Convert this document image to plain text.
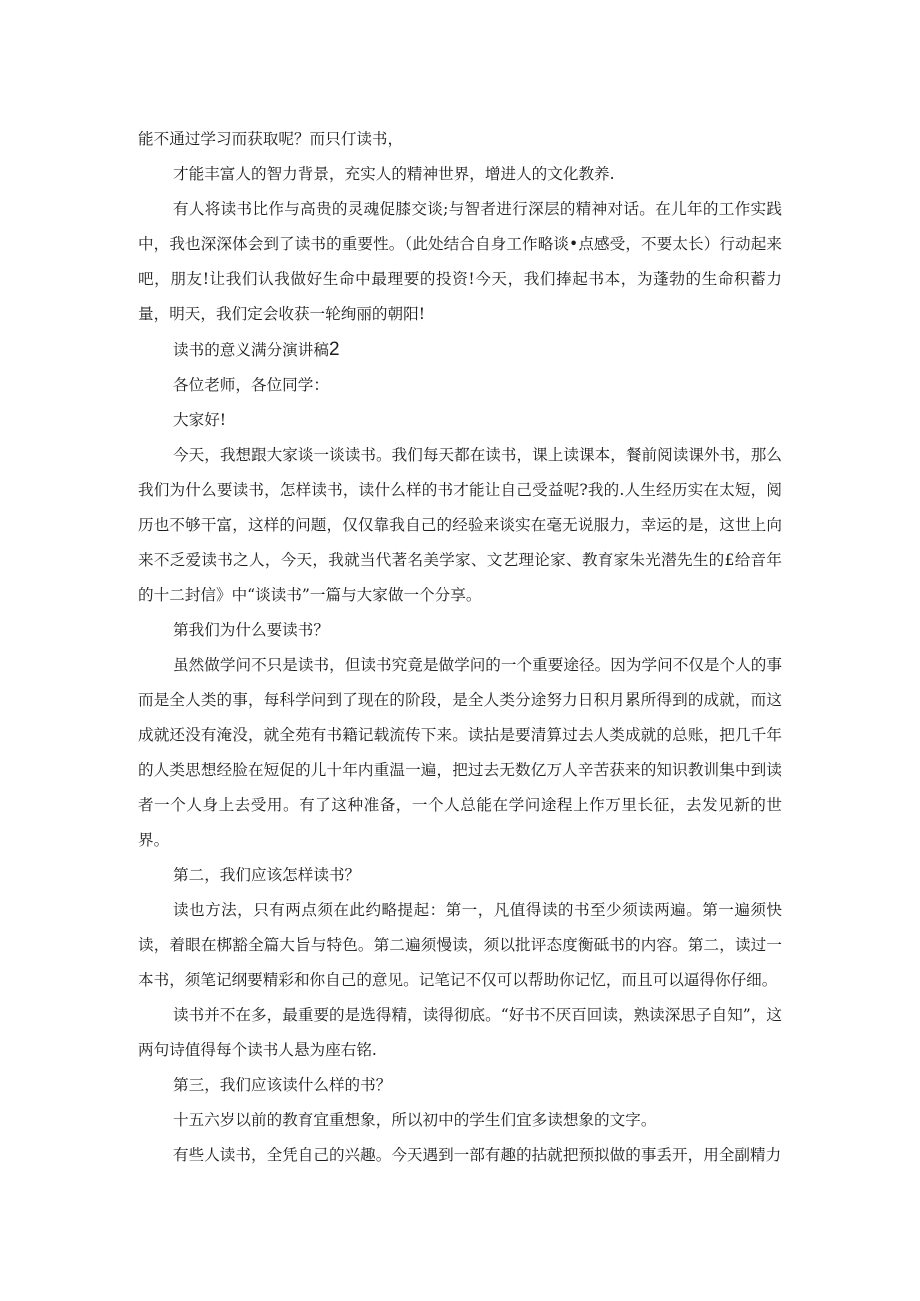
能不通过学习而获取呢？而只仃读书，

才能丰富人的智力背景，充实人的精神世界，增进人的文化教养.

有人将读书比作与高贵的灵魂促膝交谈;与智者进行深层的精神对话。在儿年的工作实践中，我也深深体会到了读书的重要性。（此处结合自身工作略谈•点感受，不要太长）行动起来吧，朋友!让我们认我做好生命中最理要的投资!今天，我们捧起书本，为蓬勃的生命积蓄力量，明天，我们定会收获一轮绚丽的朝阳!

读书的意义满分演讲稿2

各位老师，各位同学：

大家好!

今天，我想跟大家谈一谈读书。我们每天都在读书，课上读课本，餐前阅读课外书，那么我们为什么要读书，怎样读书，读什么样的书才能让自己受益呢?我的.人生经历实在太短，阅历也不够干富，这样的问题，仅仅靠我自己的经验来谈实在毫无说服力，幸运的是，这世上向来不乏爱读书之人，今天，我就当代著名美学家、文艺理论家、教育家朱光潜先生的£给音年的十二封信》中“谈读书”一篇与大家做一个分享。

第我们为什么要读书？

虽然做学问不只是读书，但读书究竟是做学问的一个重要途径。因为学问不仅是个人的事而是全人类的事，每科学问到了现在的阶段，是全人类分途努力日积月累所得到的成就，而这成就还没有淹没，就全苑有书籍记载流传下来。读拈是要清算过去人类成就的总账，把几千年的人类思想经脸在短促的儿十年内重温一遍，把过去无数亿万人辛苦获来的知识教训集中到读者一个人身上去受用。有了这种准备，一个人总能在学问途程上作万里长征，去发见新的世界。

第二，我们应该怎样读书？

读也方法，只有两点须在此约略提起：第一，凡值得读的书至少须读两遍。第一遍须快读，着眼在梆豁全篇大旨与特色。第二遍须慢读，须以批评态度衡砥书的内容。第二，读过一本书，须笔记纲要精彩和你自己的意见。记笔记不仅可以帮助你记忆，而且可以逼得你仔细。

读书并不在多，最重要的是选得精，读得彻底。“好书不厌百回读，熟读深思子自知”，这两句诗值得每个读书人悬为座右铭.

第三，我们应该读什么样的书？

十五六岁以前的教育宜重想象，所以初中的学生们宜多读想象的文字。

有些人读书，全凭自己的兴趣。今天遇到一部有趣的拈就把预拟做的事丢开，用全副精力
